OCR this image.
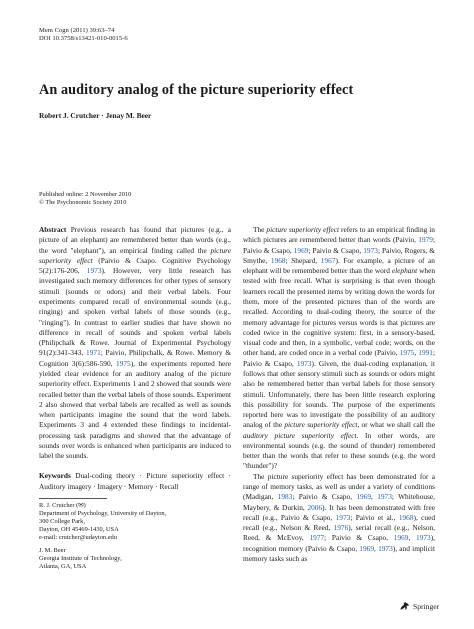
Mem Cogn (2011) 39:63–74
DOI 10.3758/s13421-010-0015-6
An auditory analog of the picture superiority effect
Robert J. Crutcher · Jenay M. Beer
Published online: 2 November 2010
© The Psychonomic Society 2010

Abstract Previous research has found that pictures (e.g., a picture of an elephant) are remembered better than words (e.g., the word "elephant"), an empirical finding called the picture superiority effect (Paivio & Csapo. Cognitive Psychology 5(2):176-206, 1973). However, very little research has investigated such memory differences for other types of sensory stimuli (sounds or odors) and their verbal labels. Four experiments compared recall of environmental sounds (e.g., ringing) and spoken verbal labels of those sounds (e.g., "ringing"). In contrast to earlier studies that have shown no difference in recall of sounds and spoken verbal labels (Philipchalk & Rowe. Journal of Experimental Psychology 91(2):341-343, 1971; Paivio, Philipchalk, & Rowe. Memory & Cognition 3(6):586-590, 1975), the experiments reported here yielded clear evidence for an auditory analog of the picture superiority effect. Experiments 1 and 2 showed that sounds were recalled better than the verbal labels of those sounds. Experiment 2 also showed that verbal labels are recalled as well as sounds when participants imagine the sound that the word labels. Experiments 3 and 4 extended these findings to incidental-processing task paradigms and showed that the advantage of sounds over words is enhanced when participants are induced to label the sounds.

Keywords Dual-coding theory · Picture superiority effect · Auditory imagery · Imagery · Memory · Recall

R. J. Crutcher (✉)

Department of Psychology, University of Dayton,

300 College Park,

Dayton, OH 45469-1430, USA

e-mail: crutcher@udayton.edu

J. M. Beer

Georgia Institute of Technology,

Atlanta, GA, USA

The picture superiority effect refers to an empirical finding in which pictures are remembered better than words (Paivio, 1979; Paivio & Csapo, 1969; Paivio & Csapo, 1973; Paivio, Rogers, & Smythe, 1968; Shepard, 1967). For example, a picture of an elephant will be remembered better than the word elephant when tested with free recall. What is surprising is that even though learners recall the presented items by writing down the words for them, more of the presented pictures than of the words are recalled. According to dual-coding theory, the source of the memory advantage for pictures versus words is that pictures are coded twice in the cognitive system: first, in a sensory-based, visual code and then, in a symbolic, verbal code; words, on the other hand, are coded once in a verbal code (Paivio, 1975, 1991; Paivio & Csapo, 1973). Given, the dual-coding explanation, it follows that other sensory stimuli such as sounds or odors might also be remembered better than verbal labels for those sensory stimuli. Unfortunately, there has been little research exploring this possibility for sounds. The purpose of the experiments reported here was to investigate the possibility of an auditory analog of the picture superiority effect, or what we shall call the auditory picture superiority effect. In other words, are environmental sounds (e.g. the sound of thunder) remembered better than the words that refer to these sounds (e.g. the word "thunder")?

The picture superiority effect has been demonstrated for a range of memory tasks, as well as under a variety of conditions (Madigan, 1983; Paivio & Csapo, 1969, 1973; Whitehouse, Maybery, & Durkin, 2006). It has been demonstrated with free recall (e.g., Paivio & Csapo, 1973; Paivio et al., 1968), cued recall (e.g., Nelson & Reed, 1976), serial recall (e.g., Nelson, Reed, & McEvoy, 1977; Paivio & Csapo, 1969, 1973), recognition memory (Paivio & Csapo, 1969, 1973), and implicit memory tasks such as

Springer
